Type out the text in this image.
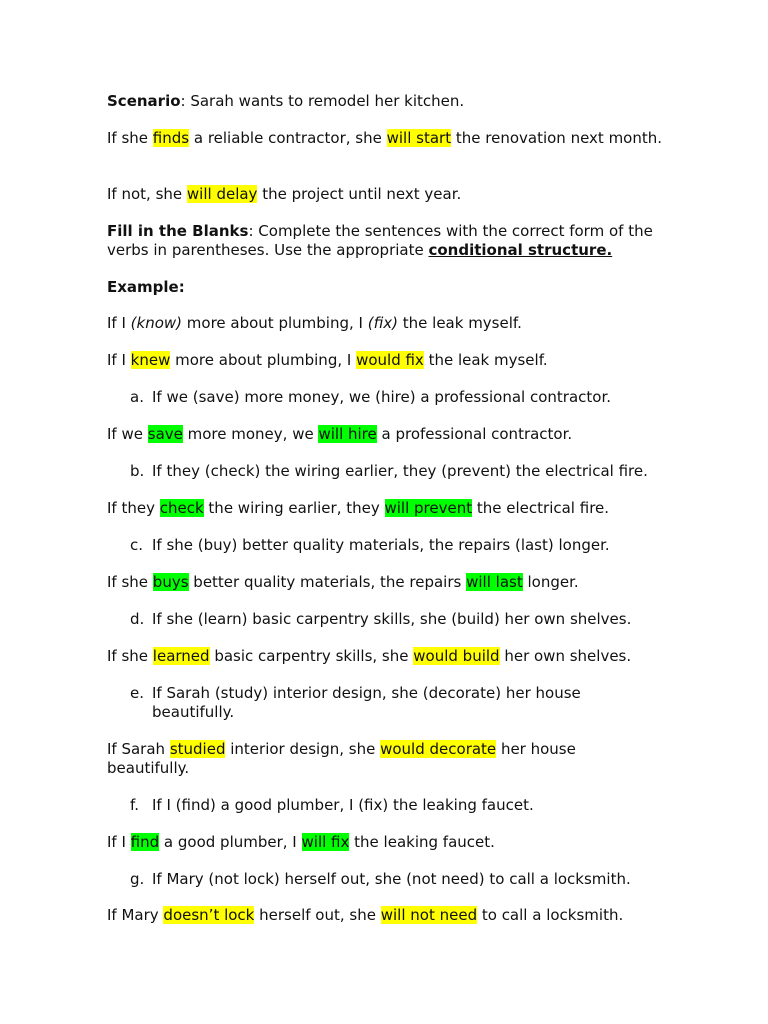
Scenario: Sarah wants to remodel her kitchen.

If she finds a reliable contractor, she will start the renovation next month.

If not, she will delay the project until next year.

Fill in the Blanks: Complete the sentences with the correct form of the verbs in parentheses. Use the appropriate conditional structure.

Example:

If I (know) more about plumbing, I (fix) the leak myself.

If I knew more about plumbing, I would fix the leak myself.

a. If we (save) more money, we (hire) a professional contractor.

If we save more money, we will hire a professional contractor.

b. If they (check) the wiring earlier, they (prevent) the electrical fire.

If they check the wiring earlier, they will prevent the electrical fire.

c. If she (buy) better quality materials, the repairs (last) longer.

If she buys better quality materials, the repairs will last longer.

d. If she (learn) basic carpentry skills, she (build) her own shelves.

If she learned basic carpentry skills, she would build her own shelves.

e. If Sarah (study) interior design, she (decorate) her house beautifully.

If Sarah studied interior design, she would decorate her house beautifully.

f. If I (find) a good plumber, I (fix) the leaking faucet.

If I find a good plumber, I will fix the leaking faucet.

g. If Mary (not lock) herself out, she (not need) to call a locksmith.

If Mary doesn’t lock herself out, she will not need to call a locksmith.
